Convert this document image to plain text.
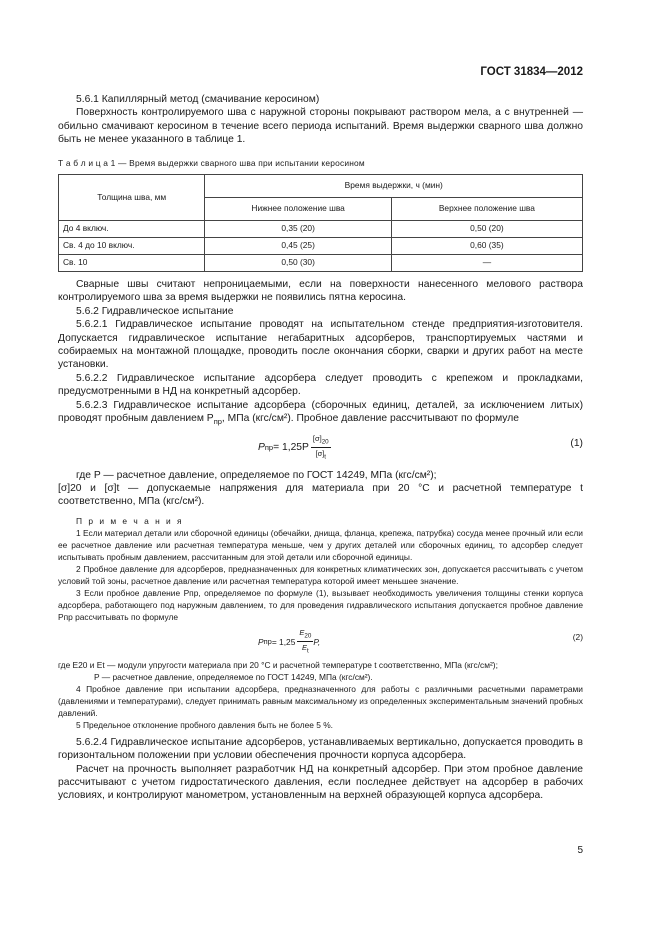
ГОСТ 31834—2012

5.6.1 Капиллярный метод (смачивание керосином)

Поверхность контролируемого шва с наружной стороны покрывают раствором мела, а с внутренней — обильно смачивают керосином в течение всего периода испытаний. Время выдержки сварного шва должно быть не менее указанного в таблице 1.

Т а б л и ц а 1 — Время выдержки сварного шва при испытании керосином
Толщина шва, мм	Время выдержки, ч (мин)	
	Нижнее положение шва	Верхнее положение шва
До 4 включ.	0,35 (20)	0,50 (20)
Св. 4 до 10 включ.	0,45 (25)	0,60 (35)
Св. 10	0,50 (30)	—

Сварные швы считают непроницаемыми, если на поверхности нанесенного мелового раствора контролируемого шва за время выдержки не появились пятна керосина.

5.6.2 Гидравлическое испытание

5.6.2.1 Гидравлическое испытание проводят на испытательном стенде предприятия-изготовителя. Допускается гидравлическое испытание негабаритных адсорберов, транспортируемых частями и собираемых на монтажной площадке, проводить после окончания сборки, сварки и других работ на месте установки.

5.6.2.2 Гидравлическое испытание адсорбера следует проводить с крепежом и прокладками, предусмотренными в НД на конкретный адсорбер.

5.6.2.3 Гидравлическое испытание адсорбера (сборочных единиц, деталей, за исключением литых) проводят пробным давлением $P_{пр}$, МПа (кгс/см²). Пробное давление рассчитывают по формуле

P пр = $1,25P \frac{[\sigma]_{20}}{[\sigma]_t}$	(1)

где P — расчетное давление, определяемое по ГОСТ 14249, МПа (кгс/см²);

[σ]20 и [σ]t — допускаемые напряжения для материала при 20 °С и расчетной температуре t соответственно, МПа (кгс/см²).

П р и м е ч а н и я

1 Если материал детали или сборочной единицы (обечайки, днища, фланца, крепежа, патрубка) сосуда менее прочный или если ее расчетное давление или расчетная температура меньше, чем у других деталей или сборочных единиц, то адсорбер следует испытывать пробным давлением, рассчитанным для этой детали или сборочной единицы.

2 Пробное давление для адсорберов, предназначенных для конкретных климатических зон, допускается рассчитывать с учетом условий той зоны, расчетное давление или расчетная температура которой имеет меньшее значение.

3 Если пробное давление Pпр, определяемое по формуле (1), вызывает необходимость увеличения толщины стенки корпуса адсорбера, работающего под наружным давлением, то для проведения гидравлического испытания допускается пробное давление Pпр рассчитывать по формуле

P пр = $1,25 \frac{E_{20}}{E_t} P$,	(2)

где E20 и Et — модули упругости материала при 20 °С и расчетной температуре t соответственно, МПа (кгс/см²);

P — расчетное давление, определяемое по ГОСТ 14249, МПа (кгс/см²).

4 Пробное давление при испытании адсорбера, предназначенного для работы с различными расчетными параметрами (давлениями и температурами), следует принимать равным максимальному из определенных экспериментальным значений пробных давлений.

5 Предельное отклонение пробного давления быть не более 5 %.

5.6.2.4 Гидравлическое испытание адсорберов, устанавливаемых вертикально, допускается проводить в горизонтальном положении при условии обеспечения прочности корпуса адсорбера.

Расчет на прочность выполняет разработчик НД на конкретный адсорбер. При этом пробное давление рассчитывают с учетом гидростатического давления, если последнее действует на адсорбер в рабочих условиях, и контролируют манометром, установленным на верхней образующей корпуса адсорбера.

5
